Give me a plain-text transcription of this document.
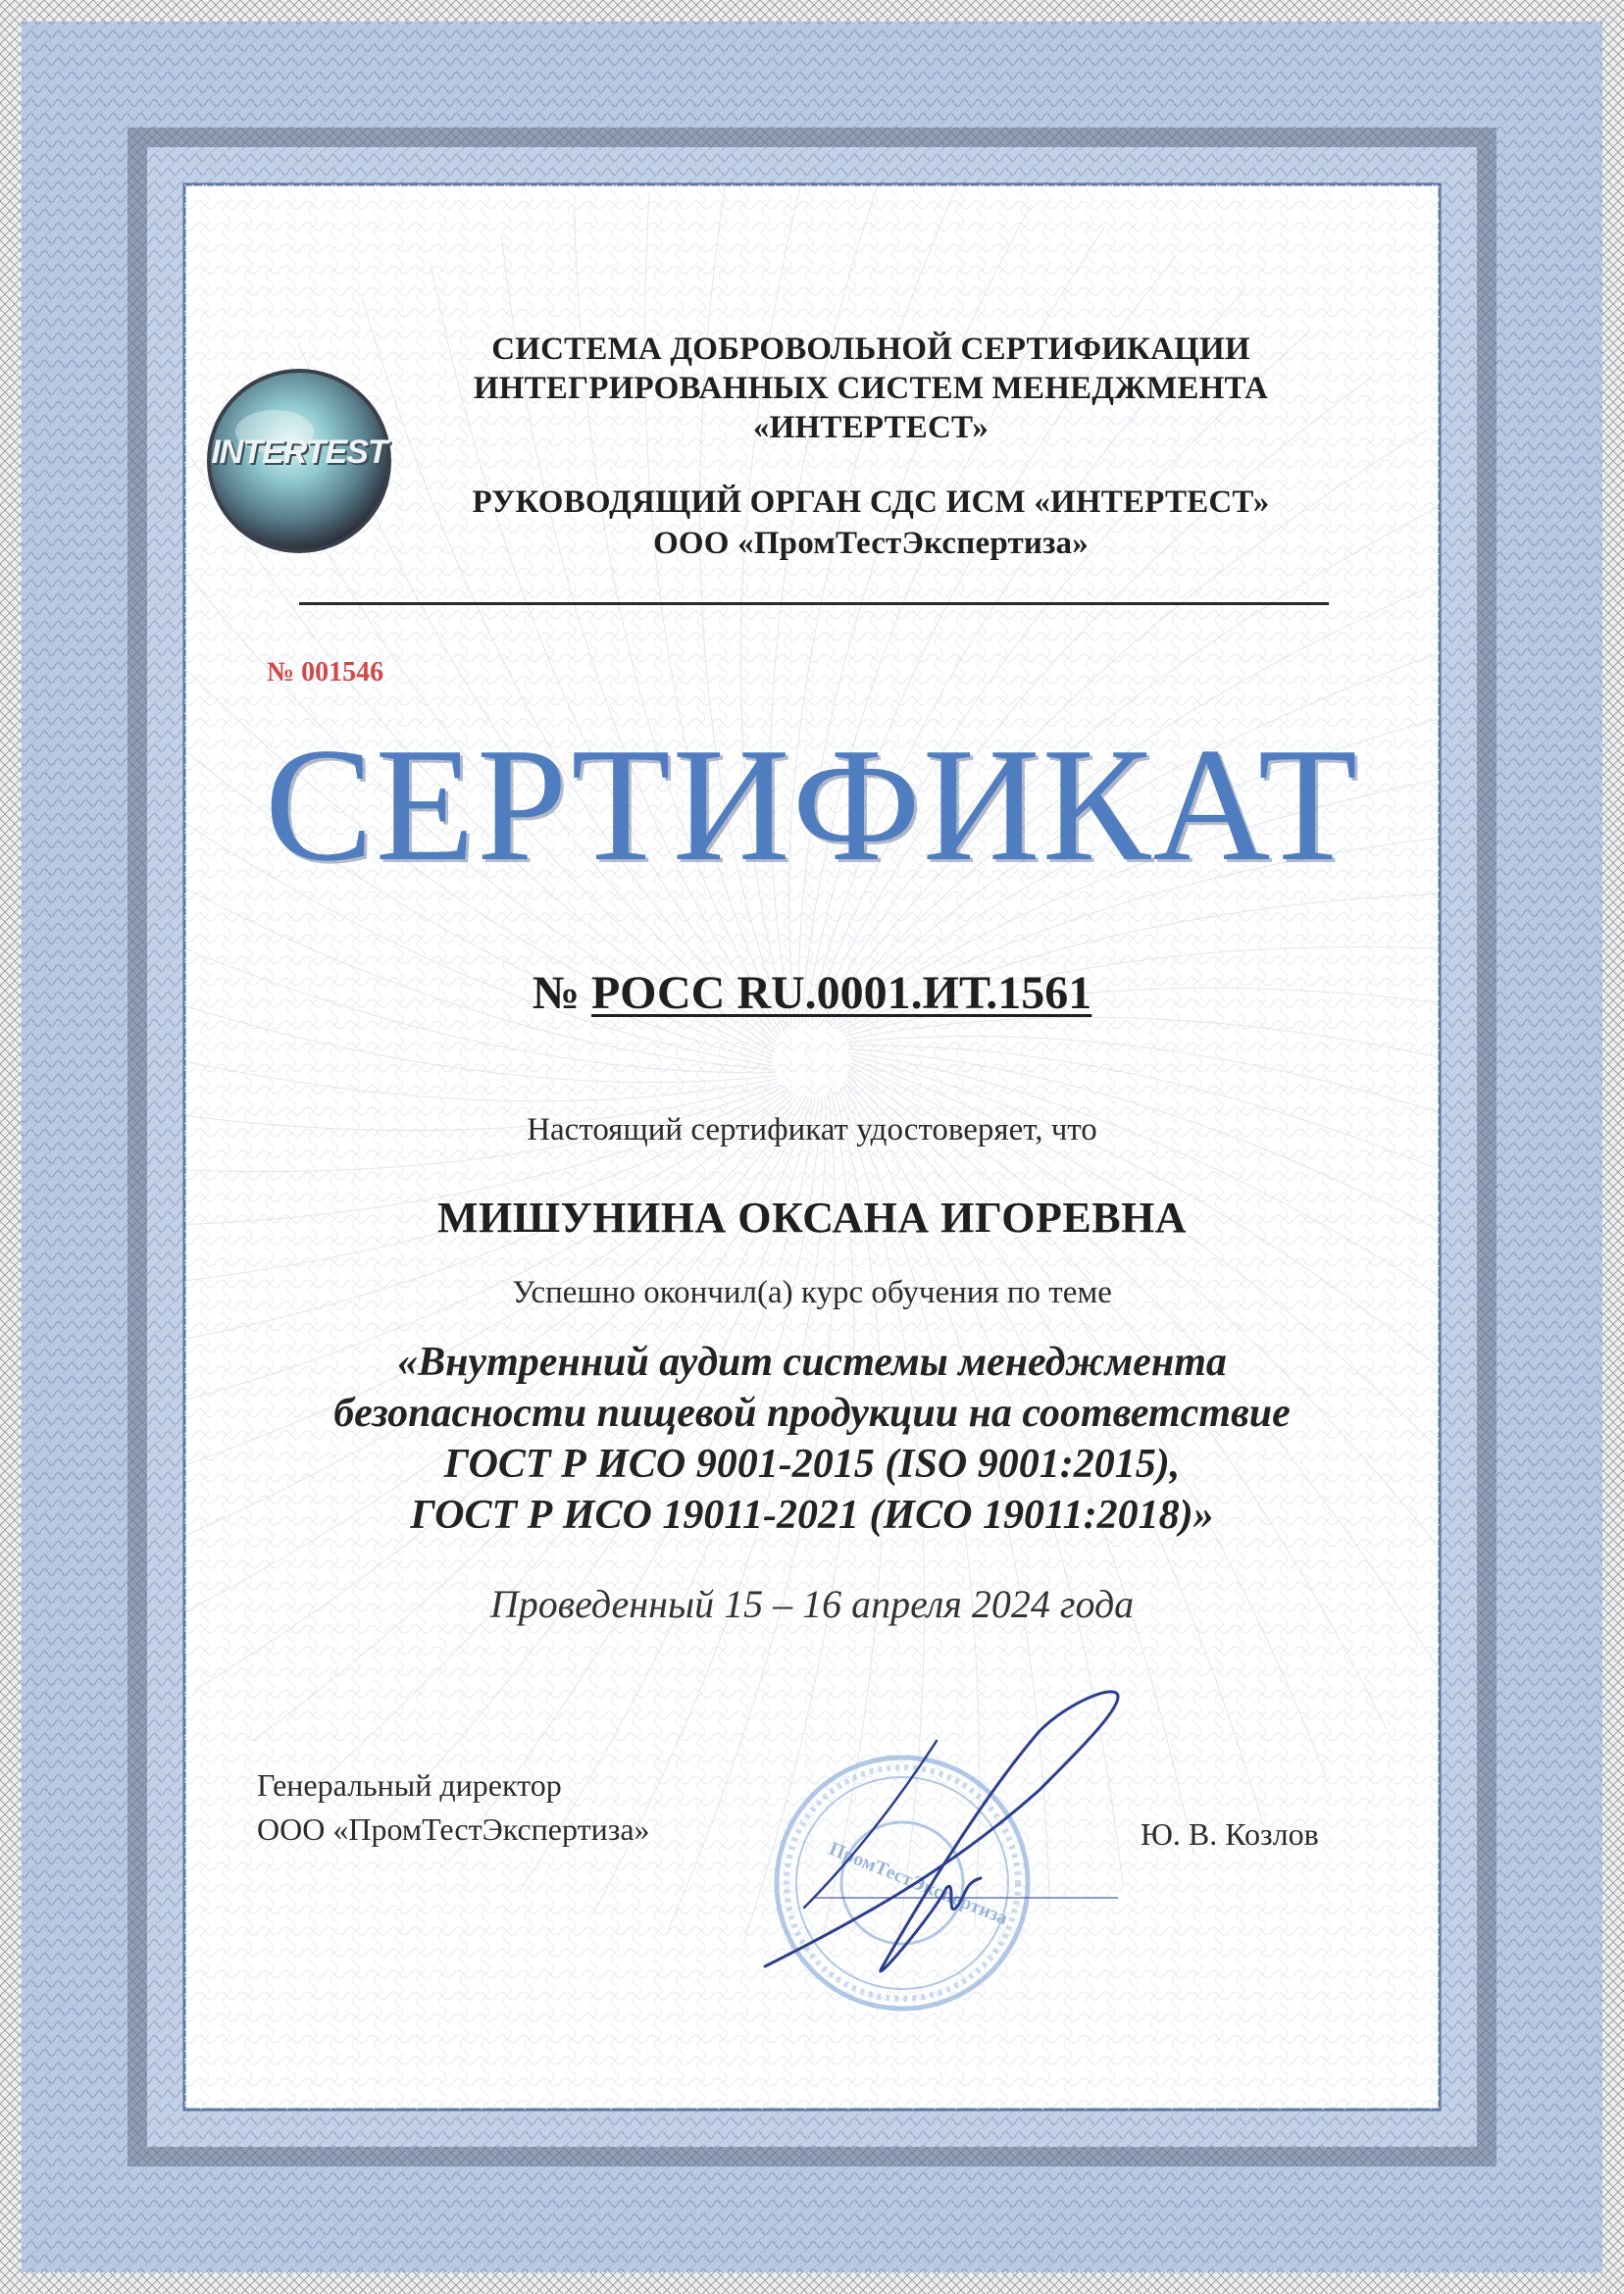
INTERTEST
СИСТЕМА ДОБРОВОЛЬНОЙ СЕРТИФИКАЦИИ
ИНТЕГРИРОВАННЫХ СИСТЕМ МЕНЕДЖМЕНТА
«ИНТЕРТЕСТ»
РУКОВОДЯЩИЙ ОРГАН СДС ИСМ «ИНТЕРТЕСТ»
ООО «ПромТестЭкспертиза»
№ 001546
СЕРТИФИКАТ
№ РОСС RU.0001.ИТ.1561
Настоящий сертификат удостоверяет, что
МИШУНИНА ОКСАНА ИГОРЕВНА
Успешно окончил(а) курс обучения по теме
«Внутренний аудит системы менеджмента
безопасности пищевой продукции на соответствие
ГОСТ Р ИСО 9001-2015 (ISO 9001:2015),
ГОСТ Р ИСО 19011-2021 (ИСО 19011:2018)»
Проведенный 15 – 16 апреля 2024 года
ПромТестЭкспертиза
Генеральный директор
ООО «ПромТестЭкспертиза»	Ю. В. Козлов
